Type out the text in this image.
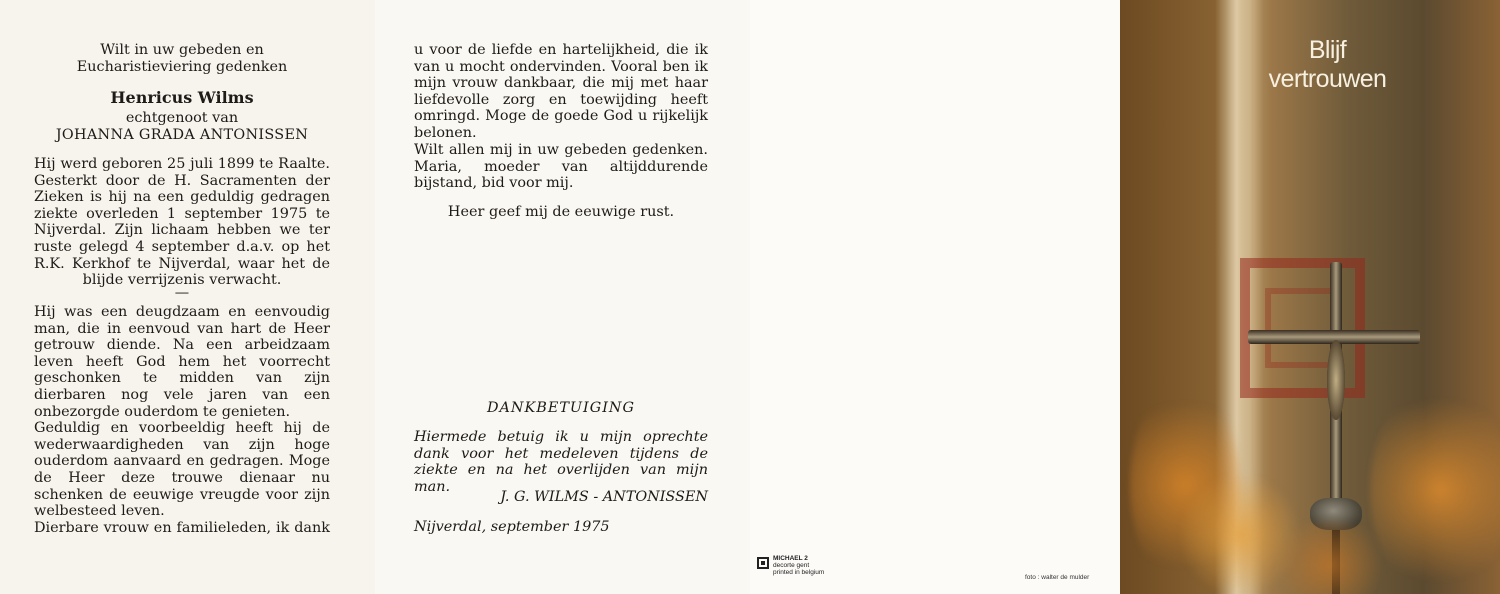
Wilt in uw gebeden en Eucharistieviering gedenken
Henricus Wilms
echtgenoot van
JOHANNA GRADA ANTONISSEN
Hij werd geboren 25 juli 1899 te Raalte. Gesterkt door de H. Sacramenten der Zieken is hij na een geduldig gedragen ziekte overleden 1 september 1975 te Nijverdal. Zijn lichaam hebben we ter ruste gelegd 4 september d.a.v. op het R.K. Kerkhof te Nijverdal, waar het de blijde verrijzenis verwacht.
—

Hij was een deugdzaam en eenvoudig man, die in eenvoud van hart de Heer getrouw diende. Na een arbeidzaam leven heeft God hem het voorrecht geschonken te midden van zijn dierbaren nog vele jaren van een onbezorgde ouderdom te genieten.

Geduldig en voorbeeldig heeft hij de wederwaardigheden van zijn hoge ouderdom aanvaard en gedragen. Moge de Heer deze trouwe dienaar nu schenken de eeuwige vreugde voor zijn welbesteed leven.

Dierbare vrouw en familieleden, ik dank

u voor de liefde en hartelijkheid, die ik van u mocht ondervinden. Vooral ben ik mijn vrouw dankbaar, die mij met haar liefdevolle zorg en toewijding heeft omringd. Moge de goede God u rijkelijk belonen.
Wilt allen mij in uw gebeden gedenken. Maria, moeder van altijddurende bijstand, bid voor mij.
Heer geef mij de eeuwige rust.
DANKBETUIGING
Hiermede betuig ik u mijn oprechte dank voor het medeleven tijdens de ziekte en na het overlijden van mijn man.
J. G. WILMS - ANTONISSEN
Nijverdal, september 1975
MICHAEL 2
decorte gent
printed in belgium
foto : walter de mulder
Blijf
vertrouwen
